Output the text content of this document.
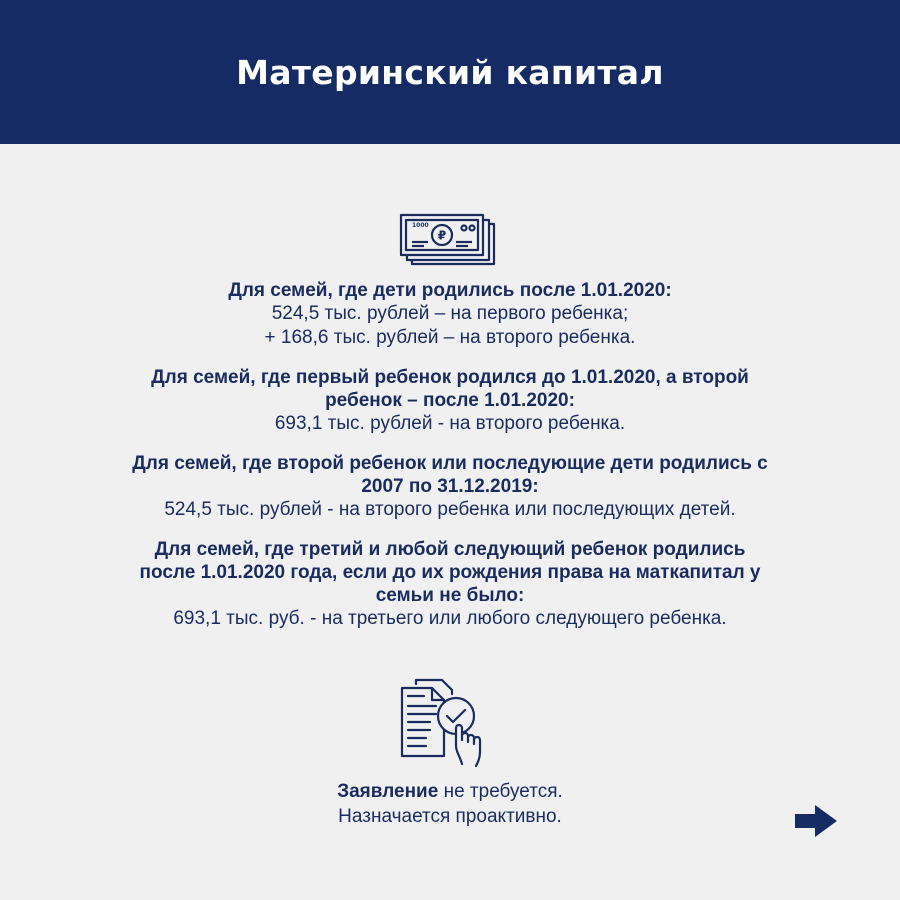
Материнский капитал
1000
₽
Для семей, где дети родились после 1.01.2020:
524,5 тыс. рублей – на первого ребенка;
+ 168,6 тыс. рублей – на второго ребенка.
Для семей, где первый ребенок родился до 1.01.2020, а второй
ребенок – после 1.01.2020:
693,1 тыс. рублей - на второго ребенка.
Для семей, где второй ребенок или последующие дети родились с
2007 по 31.12.2019:
524,5 тыс. рублей - на второго ребенка или последующих детей.
Для семей, где третий и любой следующий ребенок родились
после 1.01.2020 года, если до их рождения права на маткапитал у
семьи не было:
693,1 тыс. руб. - на третьего или любого следующего ребенка.
Заявление не требуется.
Назначается проактивно.
